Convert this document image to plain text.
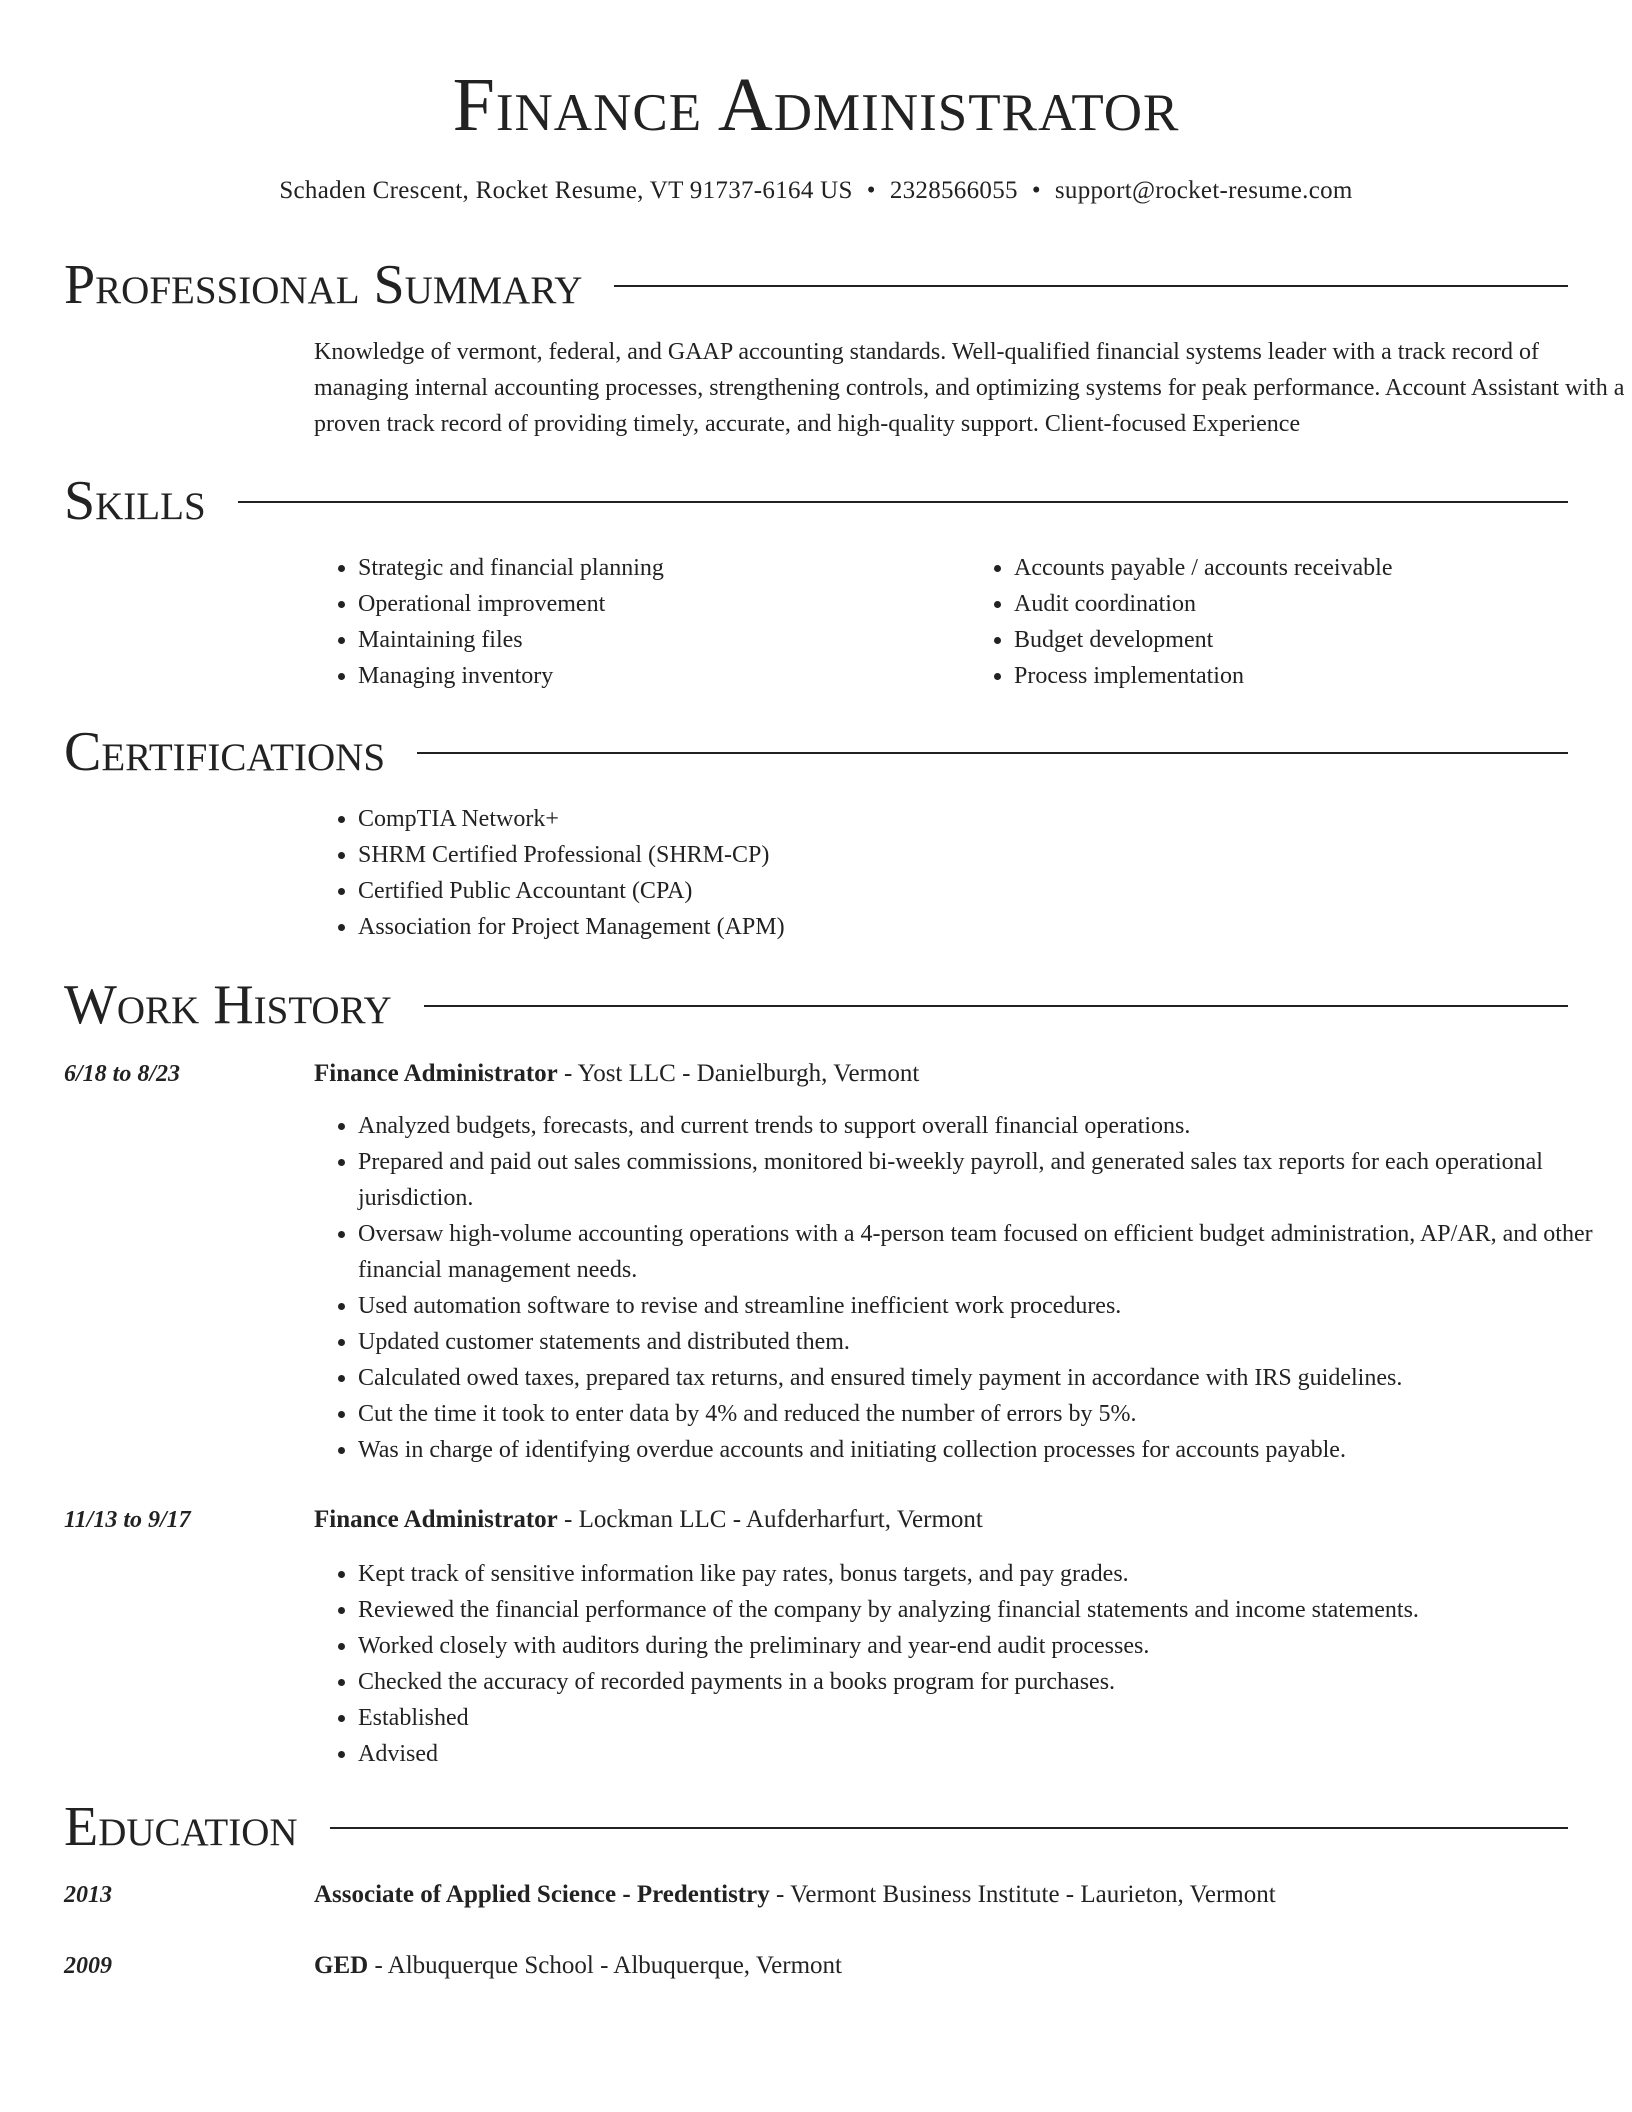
Finance Administrator
Schaden Crescent, Rocket Resume, VT 91737-6164 US • 2328566055 • support@rocket-resume.com
Professional Summary

Knowledge of vermont, federal, and GAAP accounting standards. Well-qualified financial systems leader with a track record of managing internal accounting processes, strengthening controls, and optimizing systems for peak performance. Account Assistant with a proven track record of providing timely, accurate, and high-quality support. Client-focused Experience

Skills
• Strategic and financial planning
• Operational improvement
• Maintaining files
• Managing inventory
• Accounts payable / accounts receivable
• Audit coordination
• Budget development
• Process implementation
Certifications
• CompTIA Network+
• SHRM Certified Professional (SHRM-CP)
• Certified Public Accountant (CPA)
• Association for Project Management (APM)
Work History
6/18 to 8/23	Finance Administrator - Yost LLC - Danielburgh, Vermont
• Analyzed budgets, forecasts, and current trends to support overall financial operations.
• Prepared and paid out sales commissions, monitored bi-weekly payroll, and generated sales tax reports for each operational jurisdiction.
• Oversaw high-volume accounting operations with a 4-person team focused on efficient budget administration, AP/AR, and other financial management needs.
• Used automation software to revise and streamline inefficient work procedures.
• Updated customer statements and distributed them.
• Calculated owed taxes, prepared tax returns, and ensured timely payment in accordance with IRS guidelines.
• Cut the time it took to enter data by 4% and reduced the number of errors by 5%.
• Was in charge of identifying overdue accounts and initiating collection processes for accounts payable.
11/13 to 9/17	Finance Administrator - Lockman LLC - Aufderharfurt, Vermont
• Kept track of sensitive information like pay rates, bonus targets, and pay grades.
• Reviewed the financial performance of the company by analyzing financial statements and income statements.
• Worked closely with auditors during the preliminary and year-end audit processes.
• Checked the accuracy of recorded payments in a books program for purchases.
• Established
• Advised
Education
2013	Associate of Applied Science - Predentistry - Vermont Business Institute - Laurieton, Vermont
2009	GED - Albuquerque School - Albuquerque, Vermont
